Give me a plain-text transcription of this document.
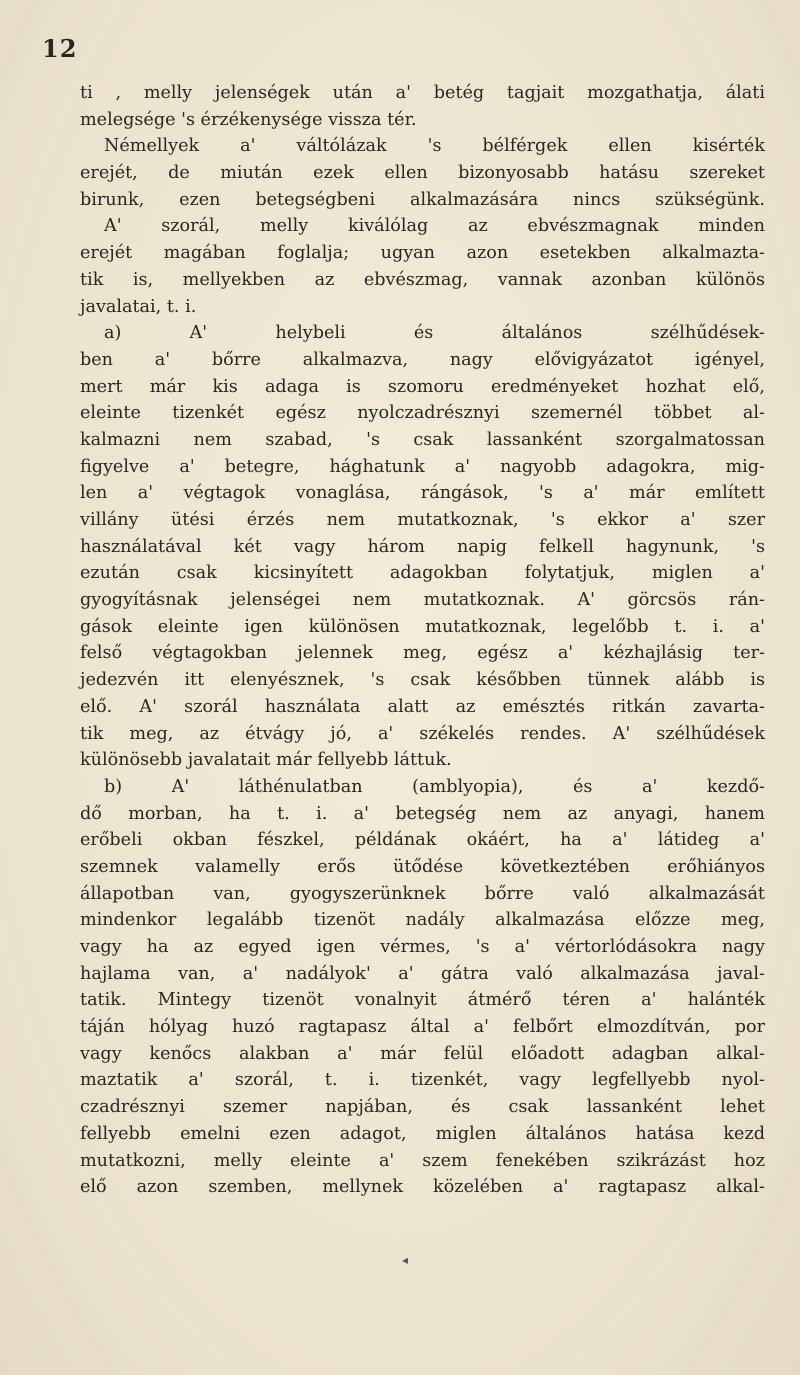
12
ti , melly jelenségek után a' betég tagjait mozgathatja, álati
melegsége 's érzékenysége vissza tér.
Némellyek a' váltólázak 's bélférgek ellen kisérték
erejét, de miután ezek ellen bizonyosabb hatásu szereket
birunk, ezen betegségbeni alkalmazására nincs szükségünk.
A' szorál, melly kiválólag az ebvészmagnak minden
erejét magában foglalja; ugyan azon esetekben alkalmazta-
tik is, mellyekben az ebvészmag, vannak azonban különös
javalatai, t. i.
a) A' helybeli és általános szélhűdések-
ben a' bőrre alkalmazva, nagy elővigyázatot igényel,
mert már kis adaga is szomoru eredményeket hozhat elő,
eleinte tizenkét egész nyolczadrésznyi szemernél többet al-
kalmazni nem szabad, 's csak lassanként szorgalmatossan
figyelve a' betegre, hághatunk a' nagyobb adagokra, mig-
len a' végtagok vonaglása, rángások, 's a' már említett
villány ütési érzés nem mutatkoznak, 's ekkor a' szer
használatával két vagy három napig felkell hagynunk, 's
ezután csak kicsinyített adagokban folytatjuk, miglen a'
gyogyításnak jelenségei nem mutatkoznak. A' görcsös rán-
gások eleinte igen különösen mutatkoznak, legelőbb t. i. a'
felső végtagokban jelennek meg, egész a' kézhajlásig ter-
jedezvén itt elenyésznek, 's csak későbben tünnek alább is
elő. A' szorál használata alatt az emésztés ritkán zavarta-
tik meg, az étvágy jó, a' székelés rendes. A' szélhűdések
különösebb javalatait már fellyebb láttuk.
b) A' láthénulatban (amblyopia), és a' kezdő-
dő morban, ha t. i. a' betegség nem az anyagi, hanem
erőbeli okban fészkel, példának okáért, ha a' látideg a'
szemnek valamelly erős ütődése következtében erőhiányos
állapotban van, gyogyszerünknek bőrre való alkalmazását
mindenkor legalább tizenöt nadály alkalmazása előzze meg,
vagy ha az egyed igen vérmes, 's a' vértorlódásokra nagy
hajlama van, a' nadályok' a' gátra való alkalmazása javal-
tatik. Mintegy tizenöt vonalnyit átmérő téren a' halánték
táján hólyag huzó ragtapasz által a' felbőrt elmozdítván, por
vagy kenőcs alakban a' már felül előadott adagban alkal-
maztatik a' szorál, t. i. tizenkét, vagy legfellyebb nyol-
czadrésznyi szemer napjában, és csak lassanként lehet
fellyebb emelni ezen adagot, miglen általános hatása kezd
mutatkozni, melly eleinte a' szem fenekében szikrázást hoz
elő azon szemben, mellynek közelében a' ragtapasz alkal-
◂
